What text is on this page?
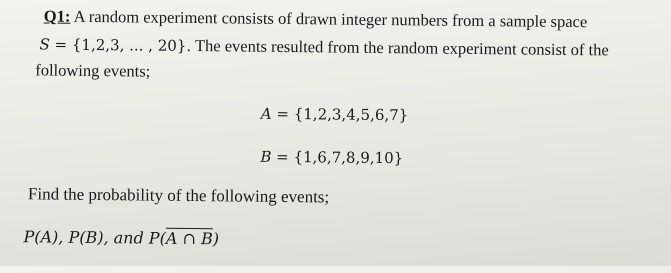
Q1: A random experiment consists of drawn integer numbers from a sample space
S = {1,2,3, ... , 20}. The events resulted from the random experiment consist of the
following events;
A = {1,2,3,4,5,6,7}
B = {1,6,7,8,9,10}
Find the probability of the following events;
P(A), P(B), and P(A ∩ B)
